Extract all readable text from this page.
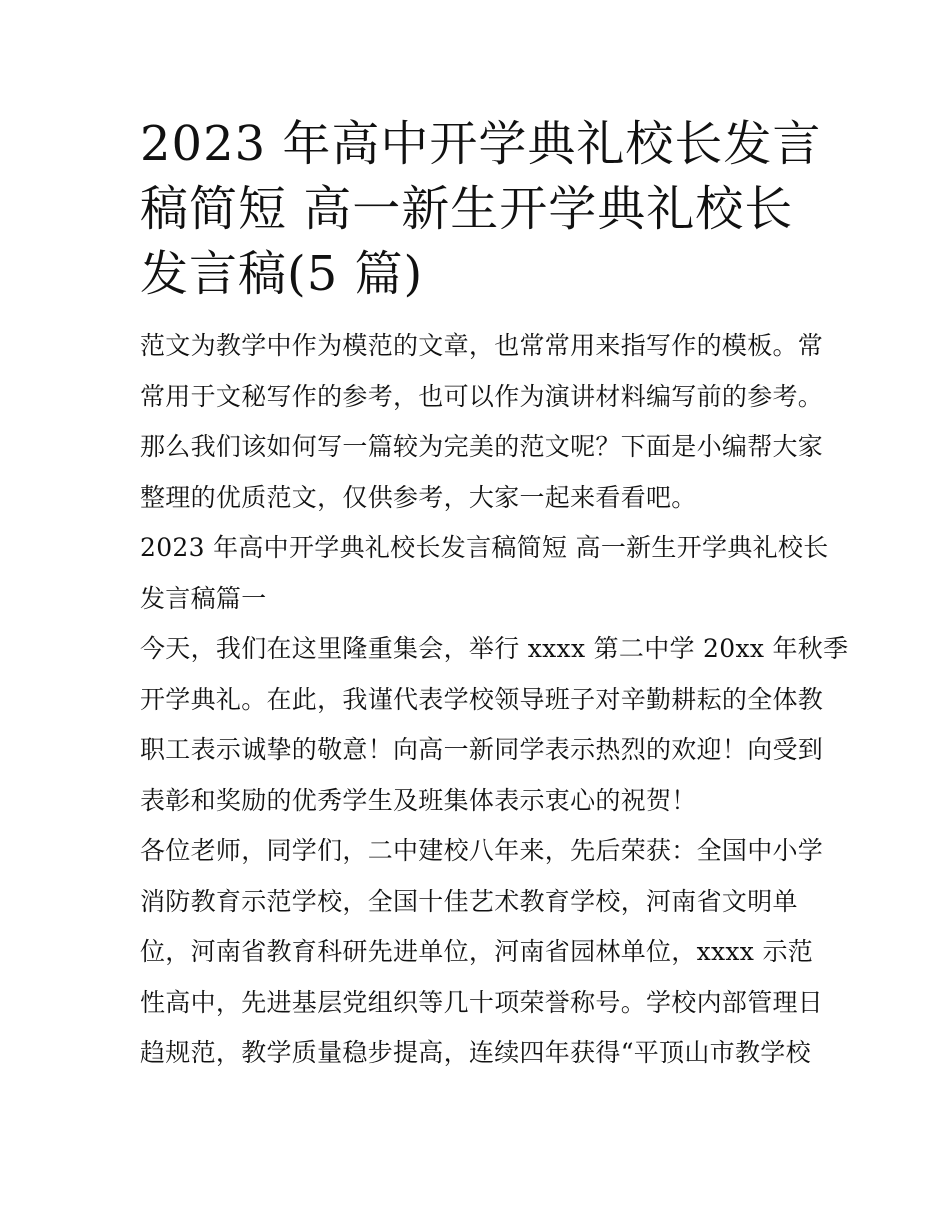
2023 年高中开学典礼校长发言
稿简短 高一新生开学典礼校长
发言稿(5 篇)

范文为教学中作为模范的文章，也常常用来指写作的模板。常
常用于文秘写作的参考，也可以作为演讲材料编写前的参考。
那么我们该如何写一篇较为完美的范文呢？下面是小编帮大家
整理的优质范文，仅供参考，大家一起来看看吧。

2023 年高中开学典礼校长发言稿简短 高一新生开学典礼校长
发言稿篇一

今天，我们在这里隆重集会，举行 xxxx 第二中学 20xx 年秋季
开学典礼。在此，我谨代表学校领导班子对辛勤耕耘的全体教
职工表示诚挚的敬意！向高一新同学表示热烈的欢迎！向受到
表彰和奖励的优秀学生及班集体表示衷心的祝贺！

各位老师，同学们，二中建校八年来，先后荣获：全国中小学
消防教育示范学校，全国十佳艺术教育学校，河南省文明单
位，河南省教育科研先进单位，河南省园林单位，xxxx 示范
性高中，先进基层党组织等几十项荣誉称号。学校内部管理日
趋规范，教学质量稳步提高，连续四年获得“平顶山市教学校
